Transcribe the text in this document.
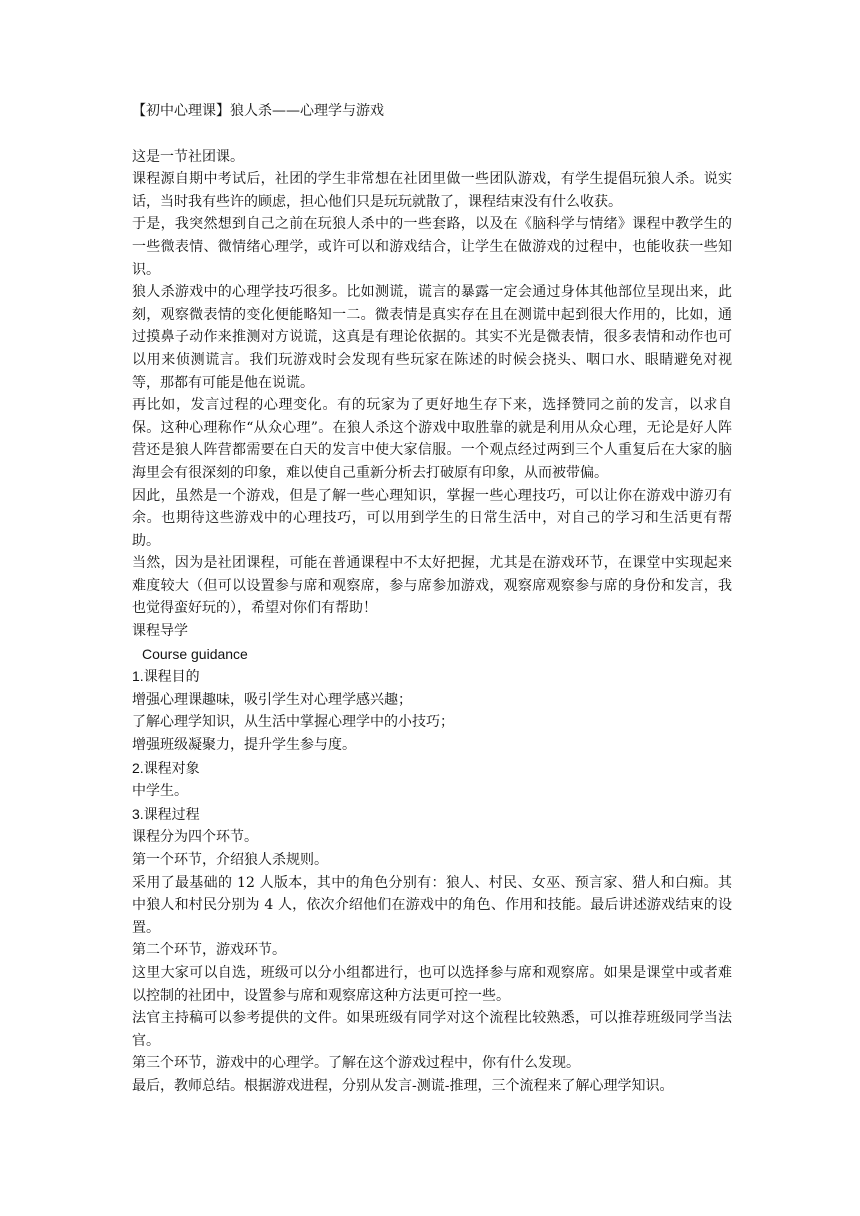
【初中心理课】狼人杀——心理学与游戏

这是一节社团课。

课程源自期中考试后，社团的学生非常想在社团里做一些团队游戏，有学生提倡玩狼人杀。说实话，当时我有些许的顾虑，担心他们只是玩玩就散了，课程结束没有什么收获。

于是，我突然想到自己之前在玩狼人杀中的一些套路，以及在《脑科学与情绪》课程中教学生的一些微表情、微情绪心理学，或许可以和游戏结合，让学生在做游戏的过程中，也能收获一些知识。

狼人杀游戏中的心理学技巧很多。比如测谎，谎言的暴露一定会通过身体其他部位呈现出来，此刻，观察微表情的变化便能略知一二。微表情是真实存在且在测谎中起到很大作用的，比如，通过摸鼻子动作来推测对方说谎，这真是有理论依据的。其实不光是微表情，很多表情和动作也可以用来侦测谎言。我们玩游戏时会发现有些玩家在陈述的时候会挠头、咽口水、眼睛避免对视等，那都有可能是他在说谎。

再比如，发言过程的心理变化。有的玩家为了更好地生存下来，选择赞同之前的发言，以求自保。这种心理称作“从众心理”。在狼人杀这个游戏中取胜靠的就是利用从众心理，无论是好人阵营还是狼人阵营都需要在白天的发言中使大家信服。一个观点经过两到三个人重复后在大家的脑海里会有很深刻的印象，难以使自己重新分析去打破原有印象，从而被带偏。

因此，虽然是一个游戏，但是了解一些心理知识，掌握一些心理技巧，可以让你在游戏中游刃有余。也期待这些游戏中的心理技巧，可以用到学生的日常生活中，对自己的学习和生活更有帮助。

当然，因为是社团课程，可能在普通课程中不太好把握，尤其是在游戏环节，在课堂中实现起来难度较大（但可以设置参与席和观察席，参与席参加游戏，观察席观察参与席的身份和发言，我也觉得蛮好玩的），希望对你们有帮助！

课程导学

Course guidance

1.课程目的

增强心理课趣味，吸引学生对心理学感兴趣；

了解心理学知识，从生活中掌握心理学中的小技巧；

增强班级凝聚力，提升学生参与度。

2.课程对象

中学生。

3.课程过程

课程分为四个环节。

第一个环节，介绍狼人杀规则。

采用了最基础的 12 人版本，其中的角色分别有：狼人、村民、女巫、预言家、猎人和白痴。其中狼人和村民分别为 4 人，依次介绍他们在游戏中的角色、作用和技能。最后讲述游戏结束的设置。

第二个环节，游戏环节。

这里大家可以自选，班级可以分小组都进行，也可以选择参与席和观察席。如果是课堂中或者难以控制的社团中，设置参与席和观察席这种方法更可控一些。

法官主持稿可以参考提供的文件。如果班级有同学对这个流程比较熟悉，可以推荐班级同学当法官。

第三个环节，游戏中的心理学。了解在这个游戏过程中，你有什么发现。

最后，教师总结。根据游戏进程，分别从发言-测谎-推理，三个流程来了解心理学知识。
